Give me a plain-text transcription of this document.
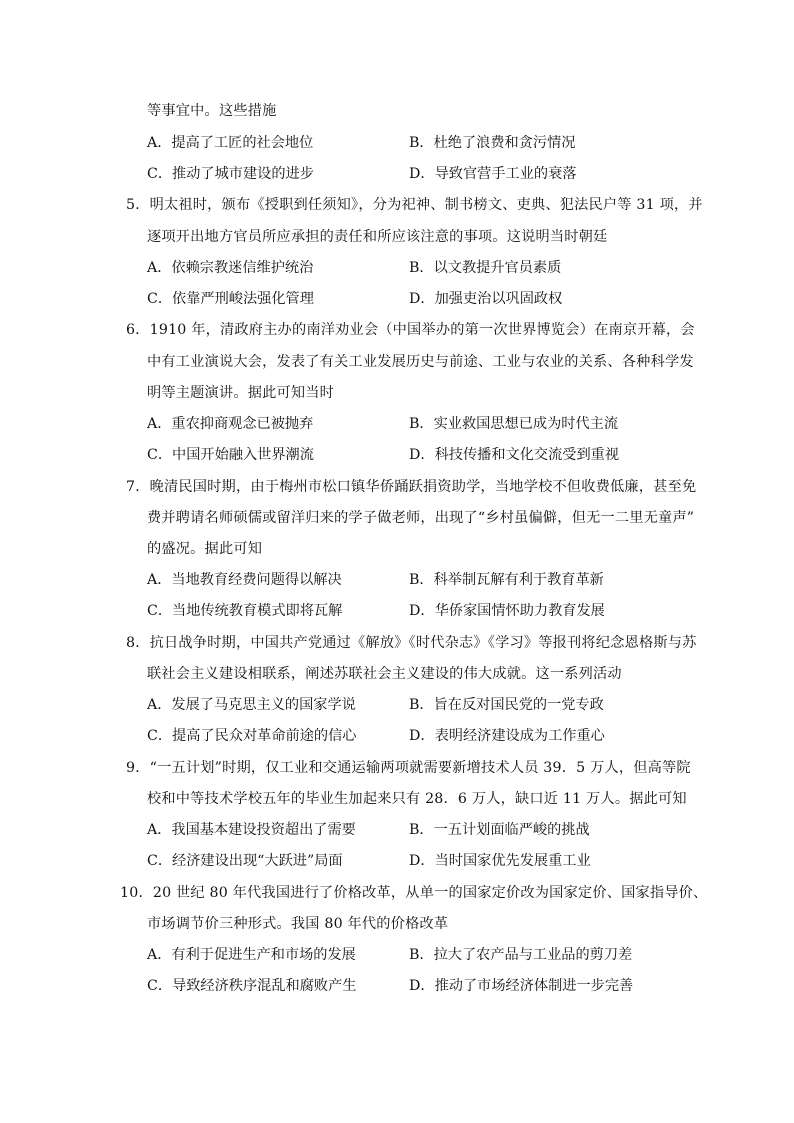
等事宜中。这些措施
A．提高了工匠的社会地位	B．杜绝了浪费和贪污情况
C．推动了城市建设的进步	D．导致官营手工业的衰落
5．明太祖时，颁布《授职到任须知》，分为祀神、制书榜文、吏典、犯法民户等 31 项，并
逐项开出地方官员所应承担的责任和所应该注意的事项。这说明当时朝廷
A．依赖宗教迷信维护统治	B．以文教提升官员素质
C．依靠严刑峻法强化管理	D．加强吏治以巩固政权
6．1910 年，清政府主办的南洋劝业会（中国举办的第一次世界博览会）在南京开幕，会
中有工业演说大会，发表了有关工业发展历史与前途、工业与农业的关系、各种科学发
明等主题演讲。据此可知当时
A．重农抑商观念已被抛弃	B．实业救国思想已成为时代主流
C．中国开始融入世界潮流	D．科技传播和文化交流受到重视
7．晚清民国时期，由于梅州市松口镇华侨踊跃捐资助学，当地学校不但收费低廉，甚至免
费并聘请名师硕儒或留洋归来的学子做老师，出现了“乡村虽偏僻，但无一二里无童声”
的盛况。据此可知
A．当地教育经费问题得以解决	B．科举制瓦解有利于教育革新
C．当地传统教育模式即将瓦解	D．华侨家国情怀助力教育发展
8．抗日战争时期，中国共产党通过《解放》《时代杂志》《学习》等报刊将纪念恩格斯与苏
联社会主义建设相联系，阐述苏联社会主义建设的伟大成就。这一系列活动
A．发展了马克思主义的国家学说	B．旨在反对国民党的一党专政
C．提高了民众对革命前途的信心	D．表明经济建设成为工作重心
9．“一五计划”时期，仅工业和交通运输两项就需要新增技术人员 39．5 万人，但高等院
校和中等技术学校五年的毕业生加起来只有 28．6 万人，缺口近 11 万人。据此可知
A．我国基本建设投资超出了需要	B．一五计划面临严峻的挑战
C．经济建设出现“大跃进”局面	D．当时国家优先发展重工业
10．20 世纪 80 年代我国进行了价格改革，从单一的国家定价改为国家定价、国家指导价、
市场调节价三种形式。我国 80 年代的价格改革
A．有利于促进生产和市场的发展	B．拉大了农产品与工业品的剪刀差
C．导致经济秩序混乱和腐败产生	D．推动了市场经济体制进一步完善
